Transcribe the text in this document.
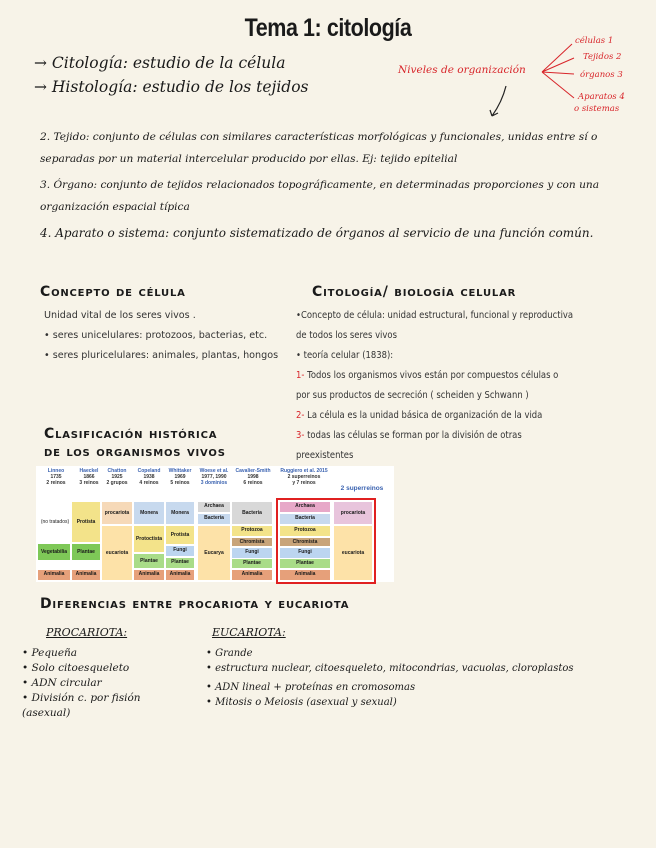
Tema 1: citología
→ Citología: estudio de la célula
→ Histología: estudio de los tejidos
Niveles de organización
células 1
Tejidos 2
órganos 3
Aparatos 4
o sistemas

2. Tejido: conjunto de células con similares características morfológicas y funcionales, unidas entre sí o separadas por un material intercelular producido por ellas. Ej: tejido epitelial

3. Órgano: conjunto de tejidos relacionados topográficamente, en determinadas proporciones y con una organización espacial típica

4. Aparato o sistema: conjunto sistematizado de órganos al servicio de una función común.

Concepto de célula
Unidad vital de los seres vivos .
• seres unicelulares: protozoos, bacterias, etc.
• seres pluricelulares: animales, plantas, hongos
Citología/ biología celular
•Concepto de célula: unidad estructural, funcional y reproductiva
de todos los seres vivos
• teoría celular (1838):
1- Todos los organismos vivos están por compuestos células o
por sus productos de secreción ( scheiden y Schwann )
2- La célula es la unidad básica de organización de la vida
3- todas las células se forman por la división de otras
preexistentes
Clasificación histórica
de los organismos vivos
Linneo
1735
2 reinos
Haeckel
1866
3 reinos
Chatton
1925
2 grupos
Copeland
1938
4 reinos
Whittaker
1969
5 reinos
Woese et al.
1977, 1990
3 dominios
Cavalier-Smith
1998
6 reinos
Ruggiero et al. 2015
2 superreinos
y 7 reinos
2 superreinos
(no tratados)
Vegetabilia
Animalia
Protista
Plantae
Animalia
procariota
eucariota
Monera
Protoctista
Plantae
Animalia
Monera
Protista
Fungi
Plantae
Animalia
Archaea
Bacteria
Eucarya
Bacteria
Protozoa
Chromista
Fungi
Plantae
Animalia
Archaea
Bacteria
Protozoa
Chromista
Fungi
Plantae
Animalia
procariota
eucariota
Diferencias entre procariota y eucariota
PROCARIOTA:
• Pequeña
• Solo citoesqueleto
• ADN circular
• División c. por fisión (asexual)
EUCARIOTA:
• Grande
• estructura nuclear, citoesqueleto, mitocondrias, vacuolas, cloroplastos
• ADN lineal + proteínas en cromosomas
• Mitosis o Meiosis (asexual y sexual)
